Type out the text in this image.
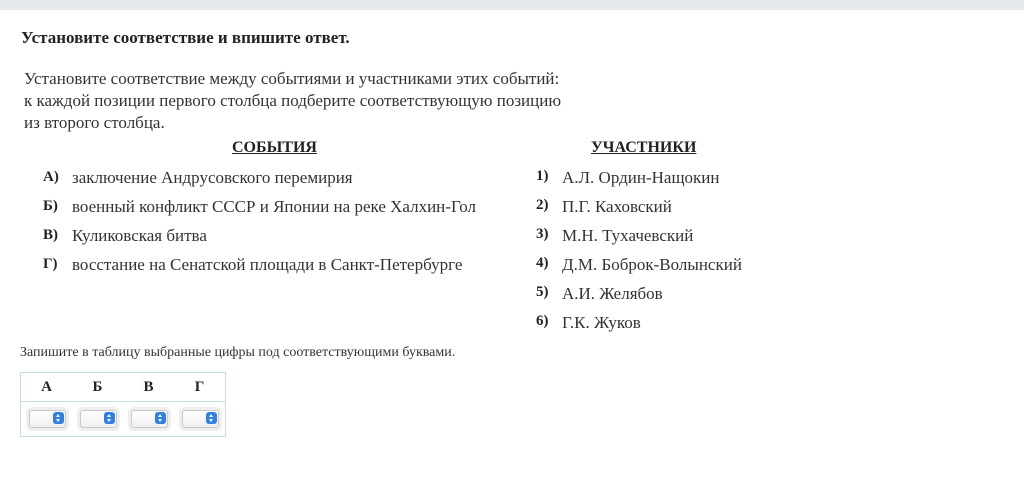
Установите соответствие и впишите ответ.
Установите соответствие между событиями и участниками этих событий:
к каждой позиции первого столбца подберите соответствующую позицию
из второго столбца.
СОБЫТИЯ	УЧАСТНИКИ
А) заключение Андрусовского перемирия
Б) военный конфликт СССР и Японии на реке Халхин-Гол
В) Куликовская битва
Г) восстание на Сенатской площади в Санкт-Петербурге
1) А.Л. Ордин-Нащокин
2) П.Г. Каховский
3) М.Н. Тухачевский
4) Д.М. Боброк-Волынский
5) А.И. Желябов
6) Г.К. Жуков
Запишите в таблицу выбранные цифры под соответствующими буквами.
А	Б	В	Г
